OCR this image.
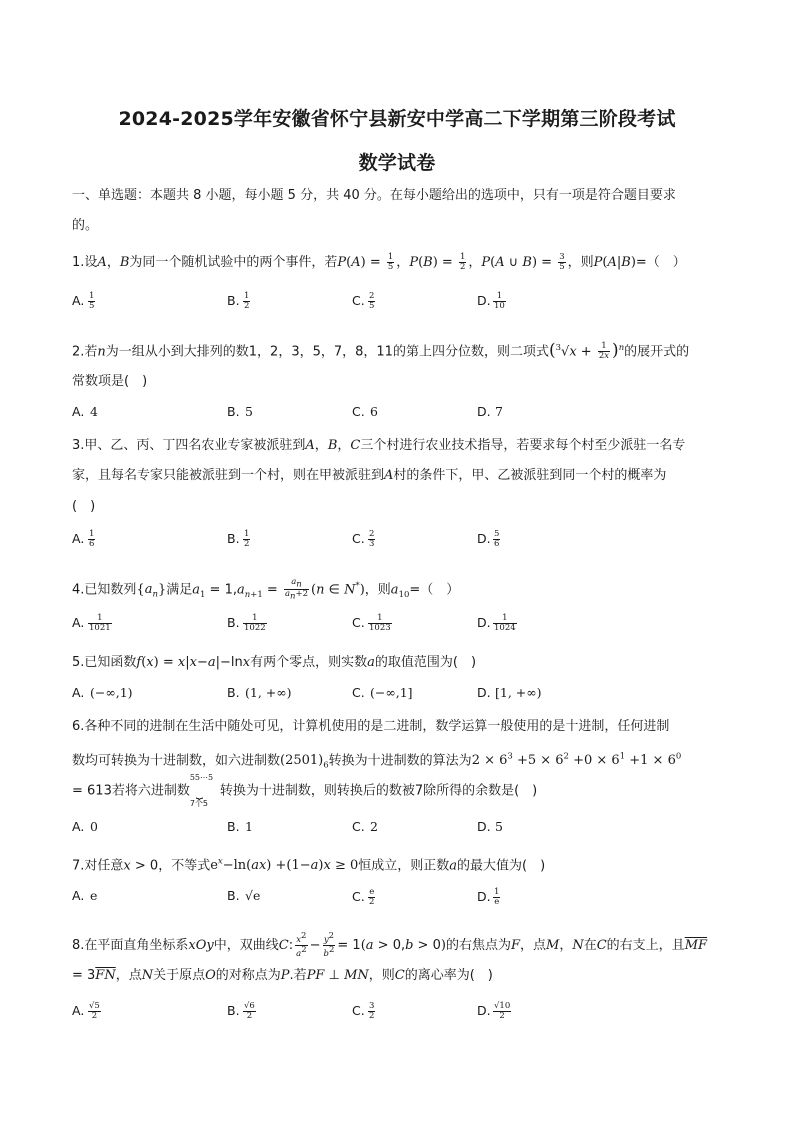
2024-2025学年安徽省怀宁县新安中学高二下学期第三阶段考试
数学试卷
一、单选题：本题共 8 小题，每小题 5 分，共 40 分。在每小题给出的选项中，只有一项是符合题目要求
的。
1.设A，B为同一个随机试验中的两个事件，若$P(A) = \frac{1}{5}$ ，$P(B) = \frac{1}{2}$ ，P(A ∪ $B) = \frac{3}{5}$ ，则P(A|B)=（　）
A. $\frac{1}{5}$	B. $\frac{1}{2}$	C. $\frac{2}{5}$	D. $\frac{1}{10}$
2.若n为一组从小到大排列的数1，2，3，5，7，8，11的第上四分位数，则二项式$(^3√x + \frac{1}{2x} )^n$的展开式的
常数项是(　)
A. 4	B. 5	C. 6	D. 7
3.甲、乙、丙、丁四名农业专家被派驻到A，B，C三个村进行农业技术指导，若要求每个村至少派驻一名专
家，且每名专家只能被派驻到一个村，则在甲被派驻到A村的条件下，甲、乙被派驻到同一个村的概率为
(　)
A. $\frac{1}{6}$	B. $\frac{1}{2}$	C. $\frac{2}{3}$	D. $\frac{5}{6}$
4.已知数列$\{a_n\}$满足$a_1 = 1,a_{n+1} = \frac{a_n}{a_n+2} (n$ ∈ N*)，则$a_{10}=$（　）
A. $\frac{1}{1021}$	B. $\frac{1}{1022}$	C. $\frac{1}{1023}$	D. $\frac{1}{1024}$
5.已知函数f(x) = x|x−a|−lnx有两个零点，则实数a的取值范围为(　)
A. (−∞,1)	B. (1, +∞)	C. (−∞,1]	D. [1, +∞)
6.各种不同的进制在生活中随处可见，计算机使用的是二进制，数学运算一般使用的是十进制，任何进制
数均可转换为十进制数，如六进制数$(2501)_6$转换为十进制数的算法为$2 \times 6^3 +5 \times 6^2 +0 \times 6^1 +1 \times 6^0$
= 613若将六进制数
55⋯5
⏟
7个5
转换为十进制数，则转换后的数被7除所得的余数是(　)
A. 0	B. 1	C. 2	D. 5
7.对任意x > 0，不等式$e^x-\ln(ax) +(1-a)x \ge 0$恒成立，则正数a的最大值为(　)
A. e	B. √e	C. $\frac{e}{2}$	D. $\frac{1}{e}$
8.在平面直角坐标系xOy中，双曲线C: $\frac{x^2}{a^2} - \frac{y^2}{b^2} = 1(a > 0,b > 0)$的右焦点为F，点M，N在C的右支上，且$\overline{MF}$
= $3\overline{FN}$，点N关于原点O的对称点为P.若PF ⊥ MN，则C的离心率为(　)
A. $\frac{√5}{2}$	B. $\frac{√6}{2}$	C. $\frac{3}{2}$	D. $\frac{√10}{2}$
